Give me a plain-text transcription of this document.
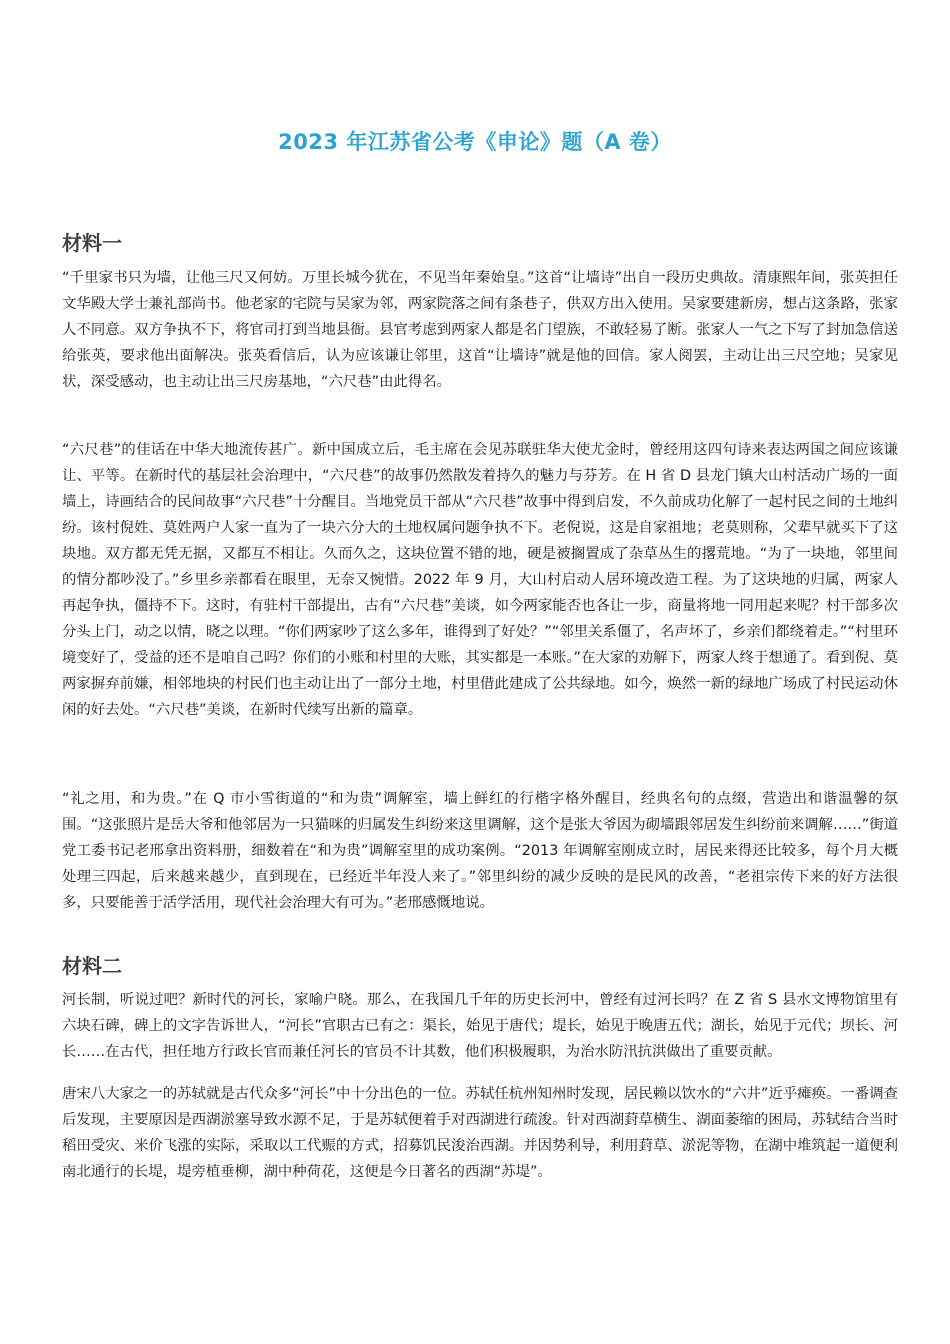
2023 年江苏省公考《申论》题（A 卷）
材料一

“千里家书只为墙，让他三尺又何妨。万里长城今犹在，不见当年秦始皇。”这首“让墙诗”出自一段历史典故。清康熙年间，张英担任文华殿大学士兼礼部尚书。他老家的宅院与吴家为邻，两家院落之间有条巷子，供双方出入使用。吴家要建新房，想占这条路，张家人不同意。双方争执不下，将官司打到当地县衙。县官考虑到两家人都是名门望族，不敢轻易了断。张家人一气之下写了封加急信送给张英，要求他出面解决。张英看信后，认为应该谦让邻里，这首“让墙诗”就是他的回信。家人阅罢，主动让出三尺空地；吴家见状，深受感动，也主动让出三尺房基地，“六尺巷”由此得名。

“六尺巷”的佳话在中华大地流传甚广。新中国成立后，毛主席在会见苏联驻华大使尤金时，曾经用这四句诗来表达两国之间应该谦让、平等。在新时代的基层社会治理中，“六尺巷”的故事仍然散发着持久的魅力与芬芳。在 H 省 D 县龙门镇大山村活动广场的一面墙上，诗画结合的民间故事“六尺巷”十分醒目。当地党员干部从“六尺巷”故事中得到启发，不久前成功化解了一起村民之间的土地纠纷。该村倪姓、莫姓两户人家一直为了一块六分大的土地权属问题争执不下。老倪说，这是自家祖地；老莫则称，父辈早就买下了这块地。双方都无凭无据，又都互不相让。久而久之，这块位置不错的地，硬是被搁置成了杂草丛生的撂荒地。“为了一块地，邻里间的情分都吵没了。”乡里乡亲都看在眼里，无奈又惋惜。2022 年 9 月，大山村启动人居环境改造工程。为了这块地的归属，两家人再起争执，僵持不下。这时，有驻村干部提出，古有“六尺巷”美谈，如今两家能否也各让一步，商量将地一同用起来呢？村干部多次分头上门，动之以情，晓之以理。“你们两家吵了这么多年，谁得到了好处？”“邻里关系僵了，名声坏了，乡亲们都绕着走。”“村里环境变好了，受益的还不是咱自己吗？你们的小账和村里的大账，其实都是一本账。”在大家的劝解下，两家人终于想通了。看到倪、莫两家摒弃前嫌，相邻地块的村民们也主动让出了一部分土地，村里借此建成了公共绿地。如今，焕然一新的绿地广场成了村民运动休闲的好去处。“六尺巷”美谈，在新时代续写出新的篇章。

“礼之用，和为贵。”在 Q 市小雪街道的“和为贵”调解室，墙上鲜红的行楷字格外醒目，经典名句的点缀，营造出和谐温馨的氛围。“这张照片是岳大爷和他邻居为一只猫咪的归属发生纠纷来这里调解，这个是张大爷因为砌墙跟邻居发生纠纷前来调解……”街道党工委书记老邢拿出资料册，细数着在“和为贵”调解室里的成功案例。“2013 年调解室刚成立时，居民来得还比较多，每个月大概处理三四起，后来越来越少，直到现在，已经近半年没人来了。”邻里纠纷的减少反映的是民风的改善，“老祖宗传下来的好方法很多，只要能善于活学活用，现代社会治理大有可为。”老邢感慨地说。

材料二

河长制，听说过吧？新时代的河长，家喻户晓。那么，在我国几千年的历史长河中，曾经有过河长吗？在 Z 省 S 县水文博物馆里有六块石碑，碑上的文字告诉世人，“河长”官职古已有之：渠长，始见于唐代；堤长，始见于晚唐五代；湖长，始见于元代；坝长、河长……在古代，担任地方行政长官而兼任河长的官员不计其数，他们积极履职，为治水防汛抗洪做出了重要贡献。

唐宋八大家之一的苏轼就是古代众多“河长”中十分出色的一位。苏轼任杭州知州时发现，居民赖以饮水的“六井”近乎瘫痪。一番调查后发现，主要原因是西湖淤塞导致水源不足，于是苏轼便着手对西湖进行疏浚。针对西湖葑草横生、湖面萎缩的困局，苏轼结合当时稻田受灾、米价飞涨的实际，采取以工代赈的方式，招募饥民浚治西湖。并因势利导，利用葑草、淤泥等物，在湖中堆筑起一道便利南北通行的长堤，堤旁植垂柳，湖中种荷花，这便是今日著名的西湖“苏堤”。
